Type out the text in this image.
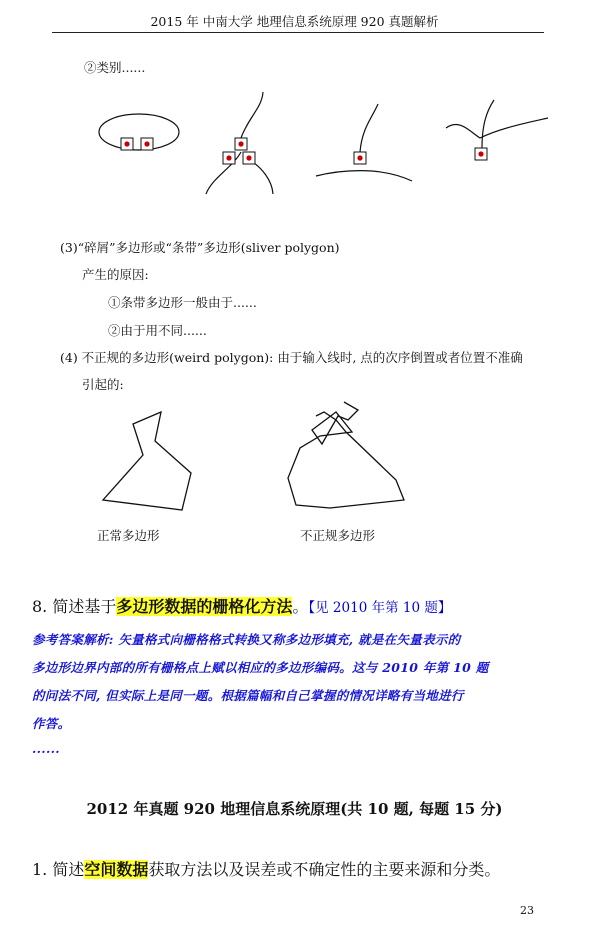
2015 年 中南大学 地理信息系统原理 920 真题解析
②类别......
(3)“碎屑”多边形或“条带”多边形(sliver polygon)
产生的原因:
①条带多边形一般由于......
②由于用不同......
(4) 不正规的多边形(weird polygon): 由于输入线时, 点的次序倒置或者位置不准确
引起的:
正常多边形	不正规多边形
8. 简述基于多边形数据的栅格化方法。【见 2010 年第 10 题】
参考答案解析: 矢量格式向栅格格式转换又称多边形填充, 就是在矢量表示的
多边形边界内部的所有栅格点上赋以相应的多边形编码。这与 2010 年第 10 题
的问法不同, 但实际上是同一题。根据篇幅和自己掌握的情况详略有当地进行
作答。
......
2012 年真题 920 地理信息系统原理(共 10 题, 每题 15 分)
1. 简述空间数据获取方法以及误差或不确定性的主要来源和分类。
23
